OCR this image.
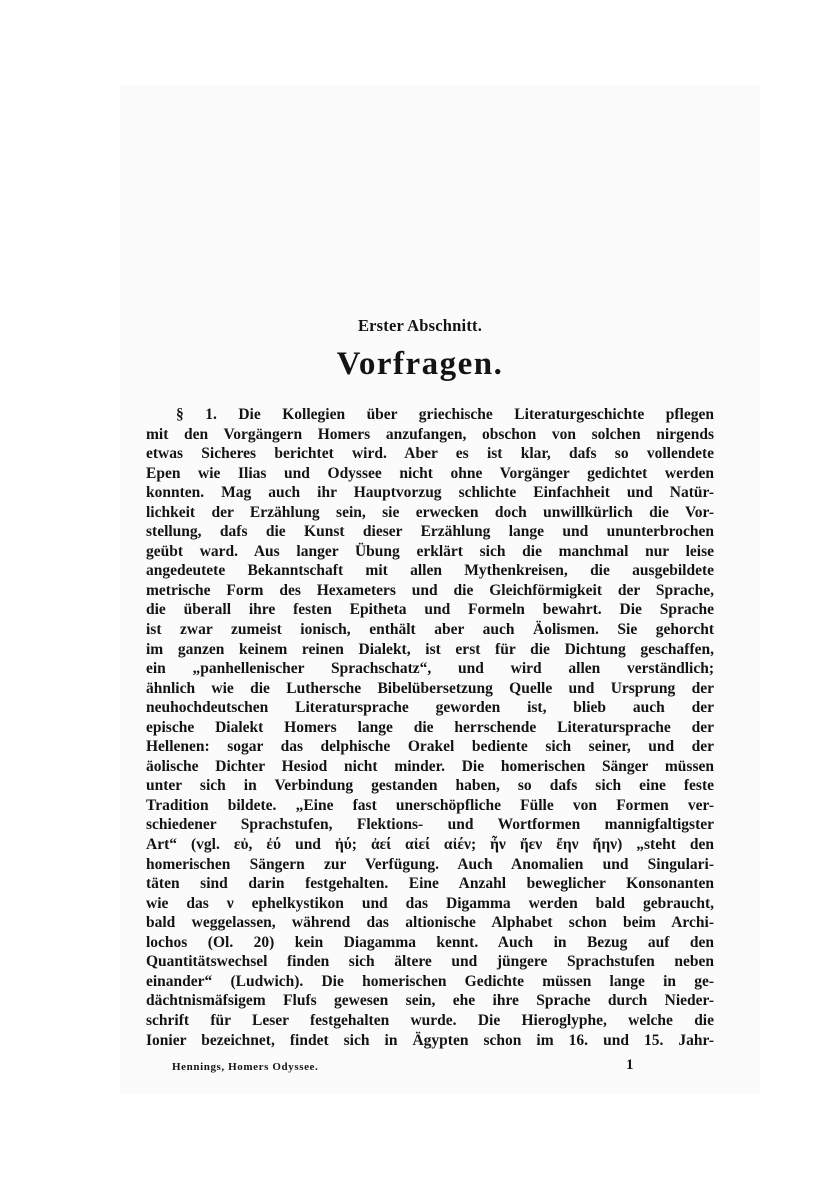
Erster Abschnitt.
Vorfragen.
§ 1. Die Kollegien über griechische Literaturgeschichte pflegen
mit den Vorgängern Homers anzufangen, obschon von solchen nirgends
etwas Sicheres berichtet wird. Aber es ist klar, dafs so vollendete
Epen wie Ilias und Odyssee nicht ohne Vorgänger gedichtet werden
konnten. Mag auch ihr Hauptvorzug schlichte Einfachheit und Natür-
lichkeit der Erzählung sein, sie erwecken doch unwillkürlich die Vor-
stellung, dafs die Kunst dieser Erzählung lange und ununterbrochen
geübt ward. Aus langer Übung erklärt sich die manchmal nur leise
angedeutete Bekanntschaft mit allen Mythenkreisen, die ausgebildete
metrische Form des Hexameters und die Gleichförmigkeit der Sprache,
die überall ihre festen Epitheta und Formeln bewahrt. Die Sprache
ist zwar zumeist ionisch, enthält aber auch Äolismen. Sie gehorcht
im ganzen keinem reinen Dialekt, ist erst für die Dichtung geschaffen,
ein „panhellenischer Sprachschatz“, und wird allen verständlich;
ähnlich wie die Luthersche Bibelübersetzung Quelle und Ursprung der
neuhochdeutschen Literatursprache geworden ist, blieb auch der
epische Dialekt Homers lange die herrschende Literatursprache der
Hellenen: sogar das delphische Orakel bediente sich seiner, und der
äolische Dichter Hesiod nicht minder. Die homerischen Sänger müssen
unter sich in Verbindung gestanden haben, so dafs sich eine feste
Tradition bildete. „Eine fast unerschöpfliche Fülle von Formen ver-
schiedener Sprachstufen, Flektions- und Wortformen mannigfaltigster
Art“ (vgl. εὐ, ἐύ und ἠύ; ἀεί αἰεί αἰέν; ἦν ἤεν ἔην ἤην) „steht den
homerischen Sängern zur Verfügung. Auch Anomalien und Singulari-
täten sind darin festgehalten. Eine Anzahl beweglicher Konsonanten
wie das ν ephelkystikon und das Digamma werden bald gebraucht,
bald weggelassen, während das altionische Alphabet schon beim Archi-
lochos (Ol. 20) kein Diagamma kennt. Auch in Bezug auf den
Quantitätswechsel finden sich ältere und jüngere Sprachstufen neben
einander“ (Ludwich). Die homerischen Gedichte müssen lange in ge-
dächtnismäfsigem Flufs gewesen sein, ehe ihre Sprache durch Nieder-
schrift für Leser festgehalten wurde. Die Hieroglyphe, welche die
Ionier bezeichnet, findet sich in Ägypten schon im 16. und 15. Jahr-
Hennings, Homers Odyssee.	1
